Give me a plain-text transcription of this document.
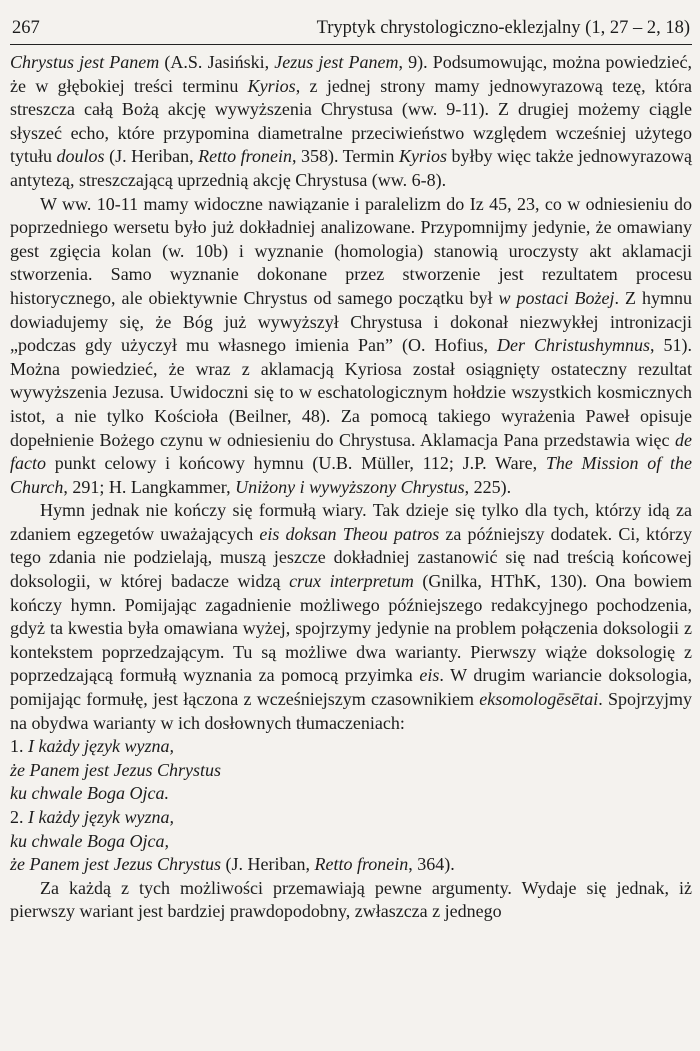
267	Tryptyk chrystologiczno-eklezjalny (1, 27 – 2, 18)

Chrystus jest Panem (A.S. Jasiński, Jezus jest Panem, 9). Podsumowując, można powiedzieć, że w głębokiej treści terminu Kyrios, z jednej strony mamy jednowyrazową tezę, która streszcza całą Bożą akcję wywyższenia Chrystusa (ww. 9-11). Z drugiej możemy ciągle słyszeć echo, które przypomina diametralne przeciwieństwo względem wcześniej użytego tytułu doulos (J. Heriban, Retto fronein, 358). Termin Kyrios byłby więc także jednowyrazową antytezą, streszczającą uprzednią akcję Chrystusa (ww. 6-8).

W ww. 10-11 mamy widoczne nawiązanie i paralelizm do Iz 45, 23, co w odniesieniu do poprzedniego wersetu było już dokładniej analizowane. Przypomnijmy jedynie, że omawiany gest zgięcia kolan (w. 10b) i wyznanie (homologia) stanowią uroczysty akt aklamacji stworzenia. Samo wyznanie dokonane przez stworzenie jest rezultatem procesu historycznego, ale obiektywnie Chrystus od samego początku był w postaci Bożej. Z hymnu dowiadujemy się, że Bóg już wywyższył Chrystusa i dokonał niezwykłej intronizacji „podczas gdy użyczył mu własnego imienia Pan” (O. Hofius, Der Christushymnus, 51). Można powiedzieć, że wraz z aklamacją Kyriosa został osiągnięty ostateczny rezultat wywyższenia Jezusa. Uwidoczni się to w eschatologicznym hołdzie wszystkich kosmicznych istot, a nie tylko Kościoła (Beilner, 48). Za pomocą takiego wyrażenia Paweł opisuje dopełnienie Bożego czynu w odniesieniu do Chrystusa. Aklamacja Pana przedstawia więc de facto punkt celowy i końcowy hymnu (U.B. Müller, 112; J.P. Ware, The Mission of the Church, 291; H. Langkammer, Uniżony i wywyższony Chrystus, 225).

Hymn jednak nie kończy się formułą wiary. Tak dzieje się tylko dla tych, którzy idą za zdaniem egzegetów uważających eis doksan Theou patros za późniejszy dodatek. Ci, którzy tego zdania nie podzielają, muszą jeszcze dokładniej zastanowić się nad treścią końcowej doksologii, w której badacze widzą crux interpretum (Gnilka, HThK, 130). Ona bowiem kończy hymn. Pomijając zagadnienie możliwego późniejszego redakcyjnego pochodzenia, gdyż ta kwestia była omawiana wyżej, spojrzymy jedynie na problem połączenia doksologii z kontekstem poprzedzającym. Tu są możliwe dwa warianty. Pierwszy wiąże doksologię z poprzedzającą formułą wyznania za pomocą przyimka eis. W drugim wariancie doksologia, pomijając formułę, jest łączona z wcześniejszym czasownikiem eksomologēsētai. Spojrzyjmy na obydwa warianty w ich dosłownych tłumaczeniach:

1. I każdy język wyzna,
że Panem jest Jezus Chrystus
ku chwale Boga Ojca.
2. I każdy język wyzna,
ku chwale Boga Ojca,
że Panem jest Jezus Chrystus (J. Heriban, Retto fronein, 364).

Za każdą z tych możliwości przemawiają pewne argumenty. Wydaje się jednak, iż pierwszy wariant jest bardziej prawdopodobny, zwłaszcza z jednego
